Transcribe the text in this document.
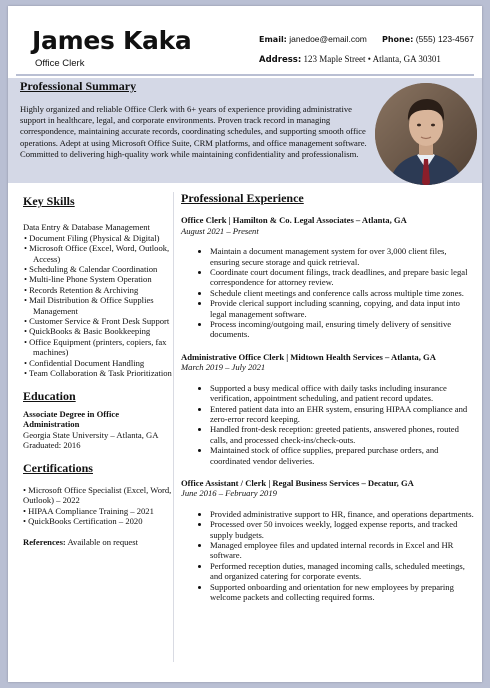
James Kaka
Office Clerk
Email: janedoe@email.com Phone: (555) 123-4567
Address: 123 Maple Street • Atlanta, GA 30301
Professional Summary
Highly organized and reliable Office Clerk with 6+ years of experience providing administrative support in healthcare, legal, and corporate environments. Proven track record in managing correspondence, maintaining accurate records, coordinating schedules, and supporting smooth office operations. Adept at using Microsoft Office Suite, CRM platforms, and office management software. Committed to delivering high-quality work while maintaining confidentiality and professionalism.
Key Skills
Data Entry & Database Management
• Document Filing (Physical & Digital)
• Microsoft Office (Excel, Word, Outlook, Access)
• Scheduling & Calendar Coordination
• Multi-line Phone System Operation
• Records Retention & Archiving
• Mail Distribution & Office Supplies Management
• Customer Service & Front Desk Support
• QuickBooks & Basic Bookkeeping
• Office Equipment (printers, copiers, fax machines)
• Confidential Document Handling
• Team Collaboration & Task Prioritization
Education
Associate Degree in Office Administration
Georgia State University – Atlanta, GA
Graduated: 2016
Certifications
• Microsoft Office Specialist (Excel, Word, Outlook) – 2022
• HIPAA Compliance Training – 2021
• QuickBooks Certification – 2020
References: Available on request
Professional Experience
Office Clerk | Hamilton & Co. Legal Associates – Atlanta, GA
August 2021 – Present
• Maintain a document management system for over 3,000 client files, ensuring secure storage and quick retrieval.
• Coordinate court document filings, track deadlines, and prepare basic legal correspondence for attorney review.
• Schedule client meetings and conference calls across multiple time zones.
• Provide clerical support including scanning, copying, and data input into legal management software.
• Process incoming/outgoing mail, ensuring timely delivery of sensitive documents.
Administrative Office Clerk | Midtown Health Services – Atlanta, GA
March 2019 – July 2021
• Supported a busy medical office with daily tasks including insurance verification, appointment scheduling, and patient record updates.
• Entered patient data into an EHR system, ensuring HIPAA compliance and zero-error record keeping.
• Handled front-desk reception: greeted patients, answered phones, routed calls, and processed check-ins/check-outs.
• Maintained stock of office supplies, prepared purchase orders, and coordinated vendor deliveries.
Office Assistant / Clerk | Regal Business Services – Decatur, GA
June 2016 – February 2019
• Provided administrative support to HR, finance, and operations departments.
• Processed over 50 invoices weekly, logged expense reports, and tracked supply budgets.
• Managed employee files and updated internal records in Excel and HR software.
• Performed reception duties, managed incoming calls, scheduled meetings, and organized catering for corporate events.
• Supported onboarding and orientation for new employees by preparing welcome packets and collecting required forms.
